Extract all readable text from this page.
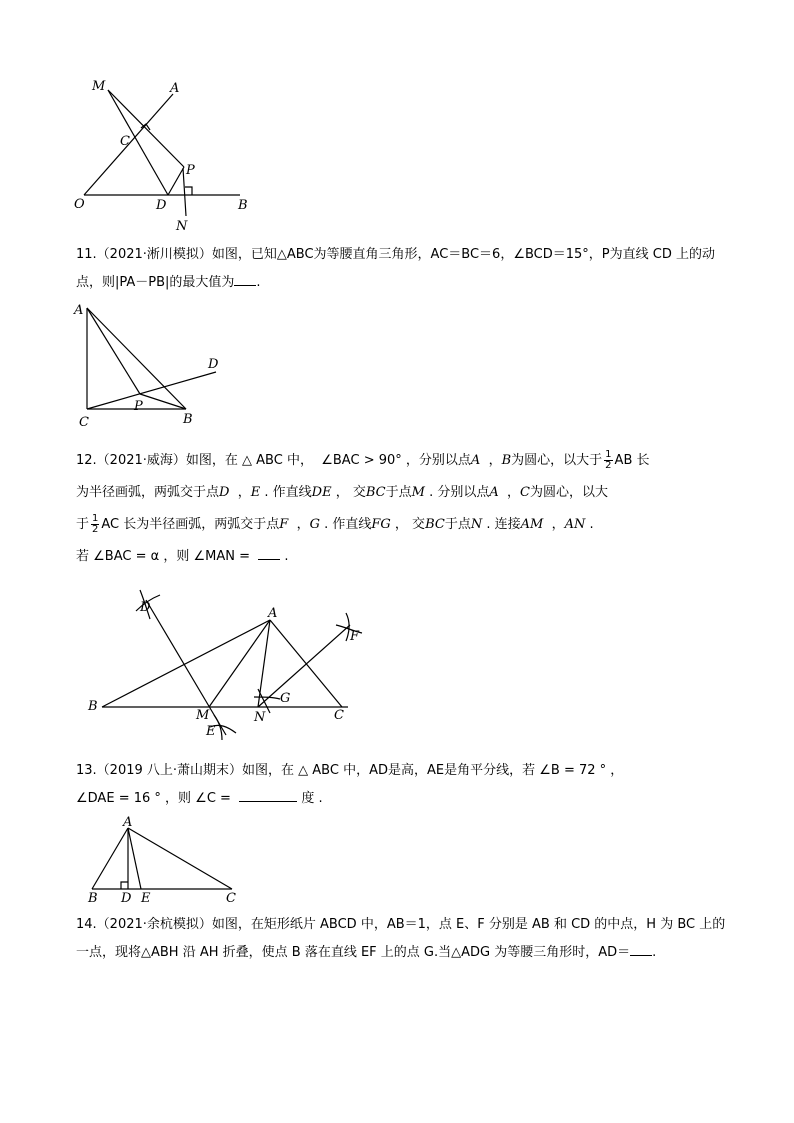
M	A
C
P
O	D	B
N

11.（2021·淅川模拟）如图，已知△ABC为等腰直角三角形，AC＝BC＝6，∠BCD＝15°，P为直线 CD 上的动

点，则|PA－PB|的最大值为 .

A
D
C
P
B

12.（2021·威海）如图，在 △ ABC 中， ∠BAC > 90° ，分别以点A ，B为圆心，以大于 $\frac{1}{2}$ AB 长

为半径画弧，两弧交于点D ，E . 作直线DE ， 交BC于点M . 分别以点A ，C为圆心，以大

于 $\frac{1}{2}$ AC 长为半径画弧，两弧交于点F ，G . 作直线FG ， 交BC于点N . 连接AM ，AN .

若 ∠BAC = α ，则 ∠MAN =	.

D	A
F
G
B
M	N	C
E

13.（2019 八上·萧山期末）如图，在 △ ABC 中，AD是高，AE是角平分线，若 ∠B = 72 ° ，

∠DAE = 16 ° ，则 ∠C =	度 .

A
B D E	C

14.（2021·余杭模拟）如图，在矩形纸片 ABCD 中，AB＝1，点 E、F 分别是 AB 和 CD 的中点，H 为 BC 上的

一点，现将△ABH 沿 AH 折叠，使点 B 落在直线 EF 上的点 G.当△ADG 为等腰三角形时，AD＝ .
